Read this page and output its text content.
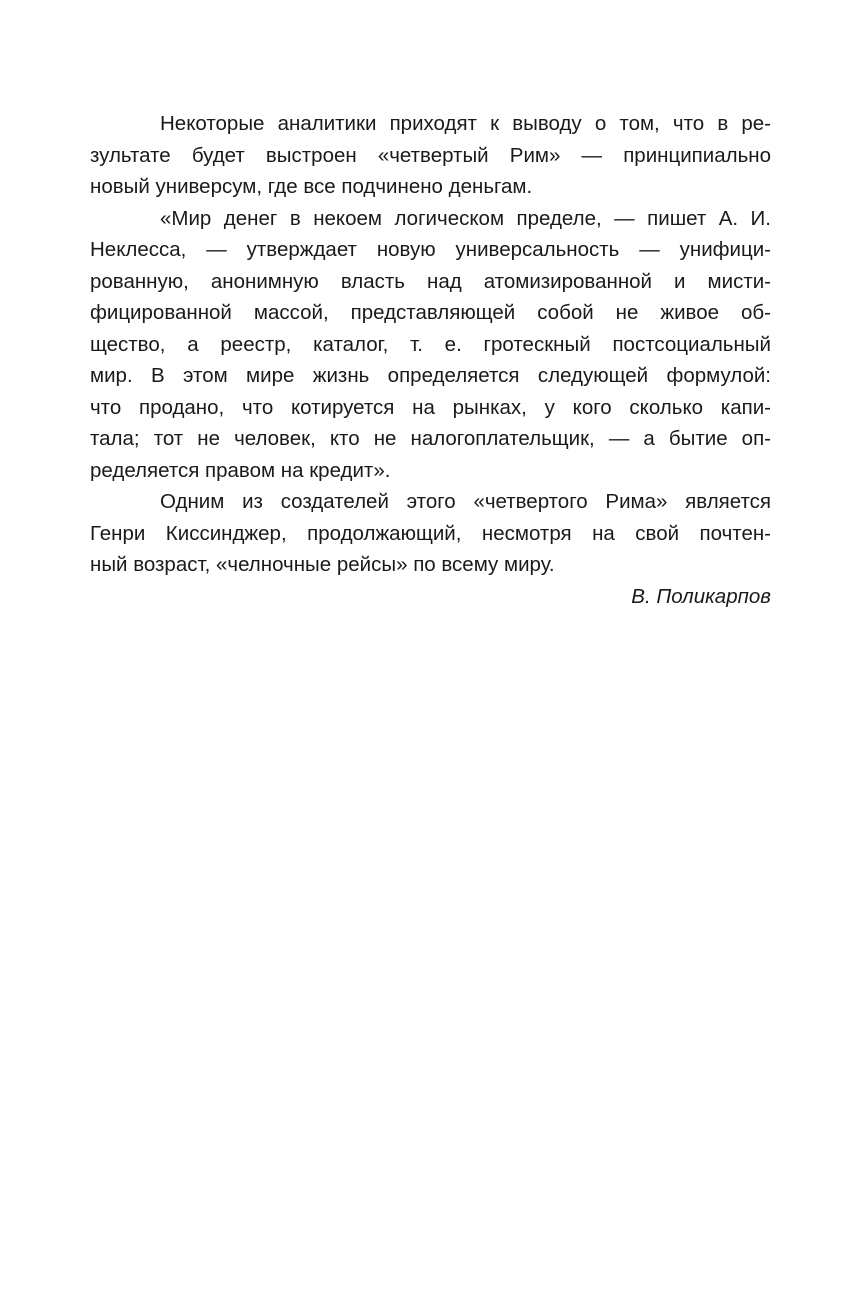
Некоторые аналитики приходят к выводу о том, что в ре-
зультате будет выстроен «четвертый Рим» — принципиально
новый универсум, где все подчинено деньгам.
«Мир денег в некоем логическом пределе, — пишет А. И.
Неклесса, — утверждает новую универсальность — унифици-
рованную, анонимную власть над атомизированной и мисти-
фицированной массой, представляющей собой не живое об-
щество, а реестр, каталог, т. е. гротескный постсоциальный
мир. В этом мире жизнь определяется следующей формулой:
что продано, что котируется на рынках, у кого сколько капи-
тала; тот не человек, кто не налогоплательщик, — а бытие оп-
ределяется правом на кредит».
Одним из создателей этого «четвертого Рима» является
Генри Киссинджер, продолжающий, несмотря на свой почтен-
ный возраст, «челночные рейсы» по всему миру.
В. Поликарпов
